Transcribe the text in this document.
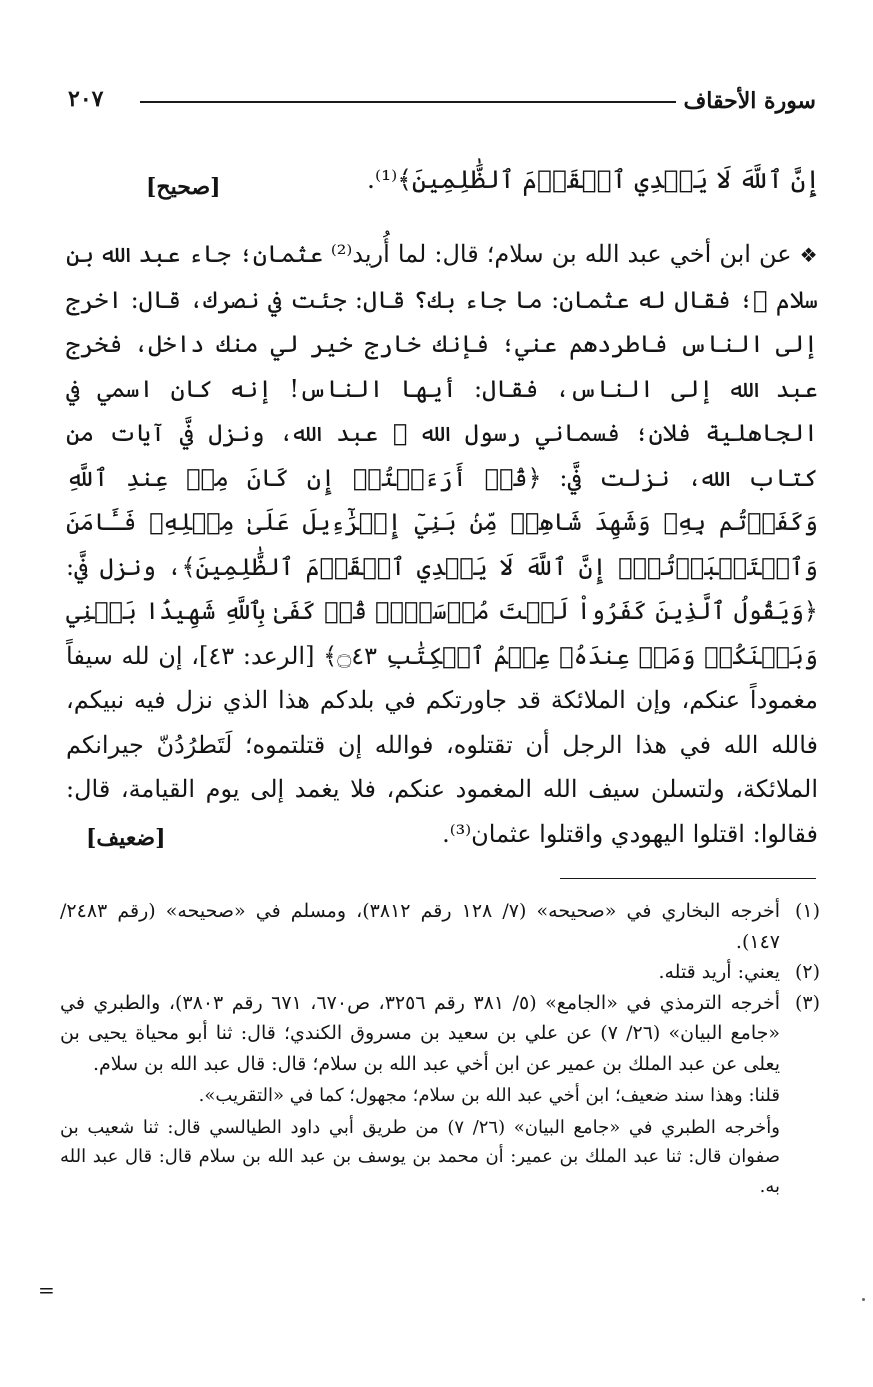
سورة الأحقاف
٢٠٧
إِنَّ ٱللَّهَ لَا يَهۡدِي ٱلۡقَوۡمَ ٱلظَّٰلِمِينَ﴾⁽¹⁾.
[صحيح]

❖ عن ابن أخي عبد الله بن سلام؛ قال: لما أُريد⁽²⁾ عثمان؛ جاء عبد الله بن سلام ﵁؛ فقال له عثمان: ما جاء بك؟ قال: جئت في نصرك، قال: اخرج إلى الناس فاطردهم عني؛ فإنك خارج خير لي منك داخل، فخرج عبد الله إلى الناس، فقال: أيها الناس! إنه كان اسمي في الجاهلية فلان؛ فسماني رسول الله ﷺ عبد الله، ونزل فيَّ آيات من كتاب الله، نزلت فيَّ: ﴿قُلۡ أَرَءَيۡتُمۡ إِن كَانَ مِنۡ عِندِ ٱللَّهِ وَكَفَرۡتُم بِهِۦ وَشَهِدَ شَاهِدٞ مِّنۢ بَنِيٓ إِسۡرَٰٓءِيلَ عَلَىٰ مِثۡلِهِۦ فَـَٔامَنَ وَٱسۡتَكۡبَرۡتُمۡۚ إِنَّ ٱللَّهَ لَا يَهۡدِي ٱلۡقَوۡمَ ٱلظَّٰلِمِينَ﴾، ونزل فيَّ: ﴿وَيَقُولُ ٱلَّذِينَ كَفَرُواْ لَسۡتَ مُرۡسَلٗاۚ قُلۡ كَفَىٰ بِٱللَّهِ شَهِيدَۢا بَيۡنِي وَبَيۡنَكُمۡ وَمَنۡ عِندَهُۥ عِلۡمُ ٱلۡكِتَٰبِ ۝٤٣﴾ [الرعد: ٤٣]، إن لله سيفاً مغموداً عنكم، وإن الملائكة قد جاورتكم في بلدكم هذا الذي نزل فيه نبيكم، فالله الله في هذا الرجل أن تقتلوه، فوالله إن قتلتموه؛ لَتَطرُدُنّ جيرانكم الملائكة، ولتسلن سيف الله المغمود عنكم، فلا يغمد إلى يوم القيامة، قال: فقالوا: اقتلوا اليهودي واقتلوا عثمان⁽³⁾.

[ضعيف]
(١)
أخرجه البخاري في «صحيحه» (٧/ ١٢٨ رقم ٣٨١٢)، ومسلم في «صحيحه» (رقم ٢٤٨٣/ ١٤٧).
(٢)
يعني: أريد قتله.
(٣)
أخرجه الترمذي في «الجامع» (٥/ ٣٨١ رقم ٣٢٥٦، ص٦٧٠، ٦٧١ رقم ٣٨٠٣)، والطبري في «جامع البيان» (٢٦/ ٧) عن علي بن سعيد بن مسروق الكندي؛ قال: ثنا أبو محياة يحيى بن يعلى عن عبد الملك بن عمير عن ابن أخي عبد الله بن سلام؛ قال: قال عبد الله بن سلام.

قلنا: وهذا سند ضعيف؛ ابن أخي عبد الله بن سلام؛ مجهول؛ كما في «التقريب».

وأخرجه الطبري في «جامع البيان» (٢٦/ ٧) من طريق أبي داود الطيالسي قال: ثنا شعيب بن صفوان قال: ثنا عبد الملك بن عمير: أن محمد بن يوسف بن عبد الله بن سلام قال: قال عبد الله به.

=
